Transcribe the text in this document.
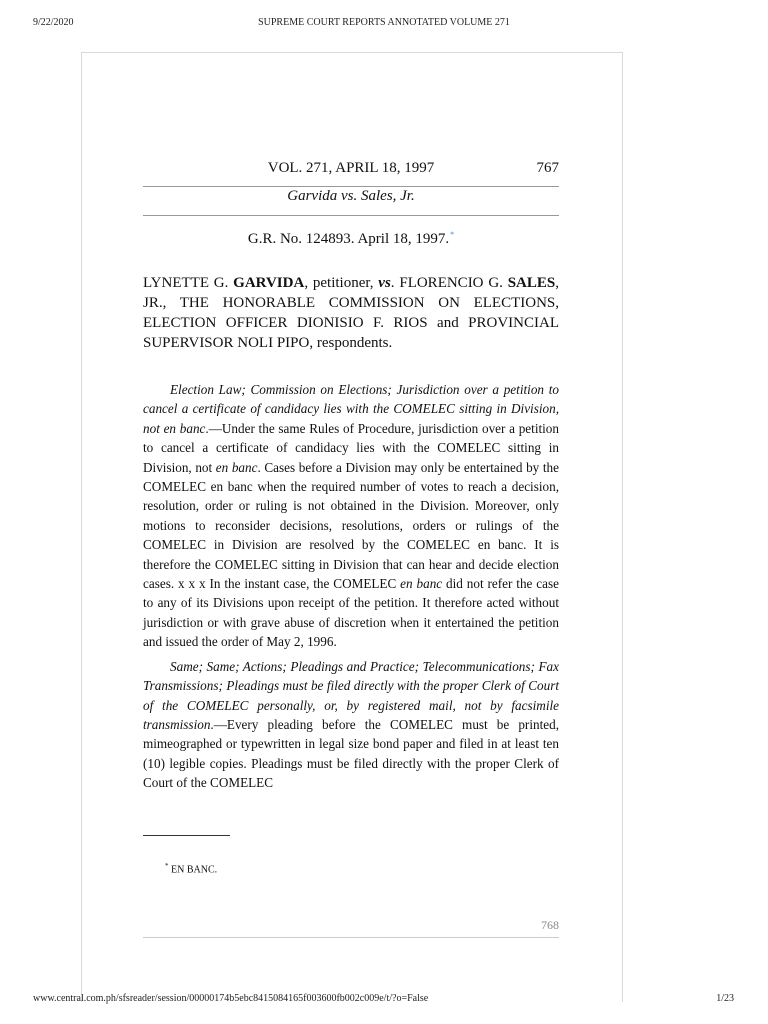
9/22/2020	SUPREME COURT REPORTS ANNOTATED VOLUME 271
VOL. 271, APRIL 18, 1997	767
Garvida vs. Sales, Jr.
G.R. No. 124893. April 18, 1997.*
LYNETTE G. GARVIDA, petitioner, vs. FLORENCIO G. SALES, JR., THE HONORABLE COMMISSION ON ELECTIONS, ELECTION OFFICER DIONISIO F. RIOS and PROVINCIAL SUPERVISOR NOLI PIPO, respondents.

Election Law; Commission on Elections; Jurisdiction over a petition to cancel a certificate of candidacy lies with the COMELEC sitting in Division, not en banc.—Under the same Rules of Procedure, jurisdiction over a petition to cancel a certificate of candidacy lies with the COMELEC sitting in Division, not en banc. Cases before a Division may only be entertained by the COMELEC en banc when the required number of votes to reach a decision, resolution, order or ruling is not obtained in the Division. Moreover, only motions to reconsider decisions, resolutions, orders or rulings of the COMELEC in Division are resolved by the COMELEC en banc. It is therefore the COMELEC sitting in Division that can hear and decide election cases. x x x In the instant case, the COMELEC en banc did not refer the case to any of its Divisions upon receipt of the petition. It therefore acted without jurisdiction or with grave abuse of discretion when it entertained the petition and issued the order of May 2, 1996.

Same; Same; Actions; Pleadings and Practice; Telecommunications; Fax Transmissions; Pleadings must be filed directly with the proper Clerk of Court of the COMELEC personally, or, by registered mail, not by facsimile transmission.—Every pleading before the COMELEC must be printed, mimeographed or typewritten in legal size bond paper and filed in at least ten (10) legible copies. Pleadings must be filed directly with the proper Clerk of Court of the COMELEC

* EN BANC.
768
www.central.com.ph/sfsreader/session/00000174b5ebc8415084165f003600fb002c009e/t/?o=False	1/23
